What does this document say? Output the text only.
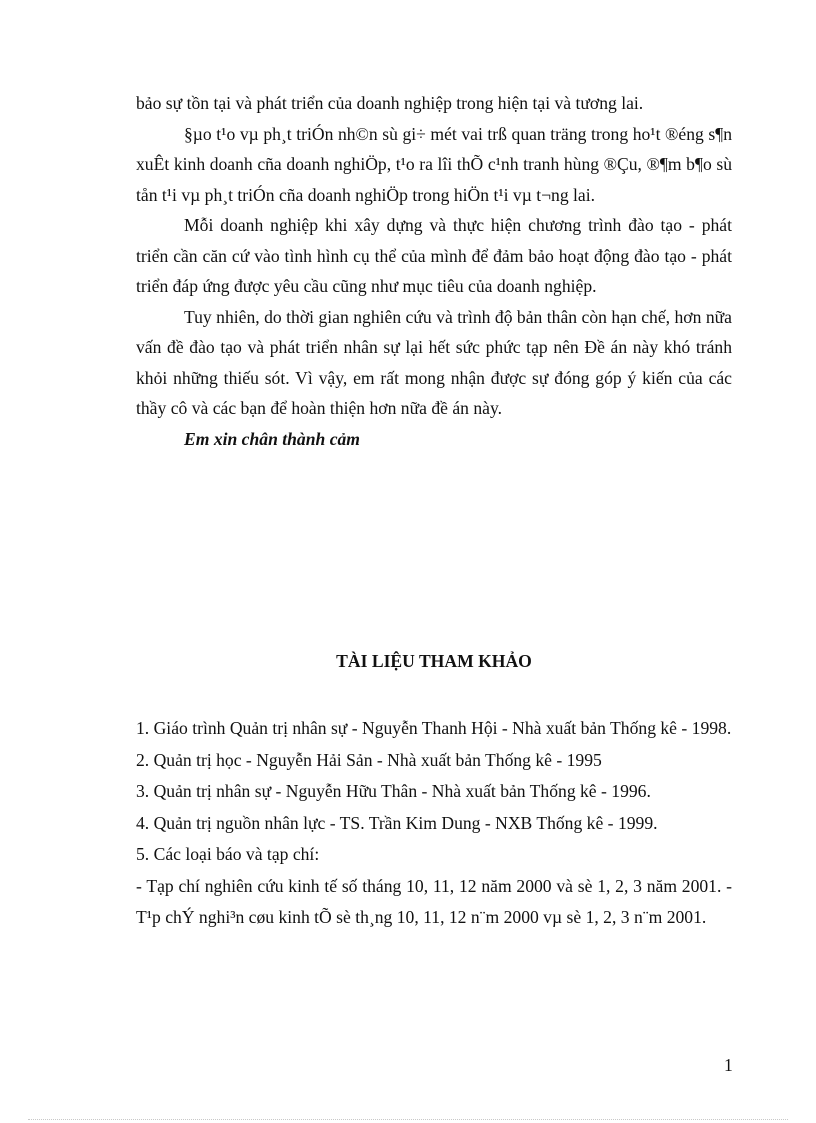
bảo sự tồn tại và phát triển của doanh nghiệp trong hiện tại và tương lai.

§µo t¹o vµ ph¸t triÓn nh©n sù gi÷ mét vai trß quan träng trong ho¹t ®éng s¶n xuÊt kinh doanh cña doanh nghiÖp, t¹o ra lîi thÕ c¹nh tranh hùng ®Çu, ®¶m b¶o sù tån t¹i vµ ph¸t triÓn cña doanh nghiÖp trong hiÖn t¹i vµ t¬ng lai.

Mỗi doanh nghiệp khi xây dựng và thực hiện chương trình đào tạo - phát triển cần căn cứ vào tình hình cụ thể của mình để đảm bảo hoạt động đào tạo - phát triển đáp ứng được yêu cầu cũng như mục tiêu của doanh nghiệp.

Tuy nhiên, do thời gian nghiên cứu và trình độ bản thân còn hạn chế, hơn nữa vấn đề đào tạo và phát triển nhân sự lại hết sức phức tạp nên Đề án này khó tránh khỏi những thiếu sót. Vì vậy, em rất mong nhận được sự đóng góp ý kiến của các thầy cô và các bạn để hoàn thiện hơn nữa đề án này.

Em xin chân thành cảm

TÀI LIỆU THAM KHẢO

1. Giáo trình Quản trị nhân sự - Nguyễn Thanh Hội - Nhà xuất bản Thống kê - 1998.

2. Quản trị học - Nguyễn Hải Sản - Nhà xuất bản Thống kê - 1995

3. Quản trị nhân sự - Nguyễn Hữu Thân - Nhà xuất bản Thống kê - 1996.

4. Quản trị nguồn nhân lực - TS. Trần Kim Dung - NXB Thống kê - 1999.

5. Các loại báo và tạp chí:

- Tạp chí nghiên cứu kinh tế số tháng 10, 11, 12 năm 2000 và sè 1, 2, 3 năm 2001. - T¹p chÝ nghi³n cøu kinh tÕ sè th¸ng 10, 11, 12 n¨m 2000 vµ sè 1, 2, 3 n¨m 2001.

1
